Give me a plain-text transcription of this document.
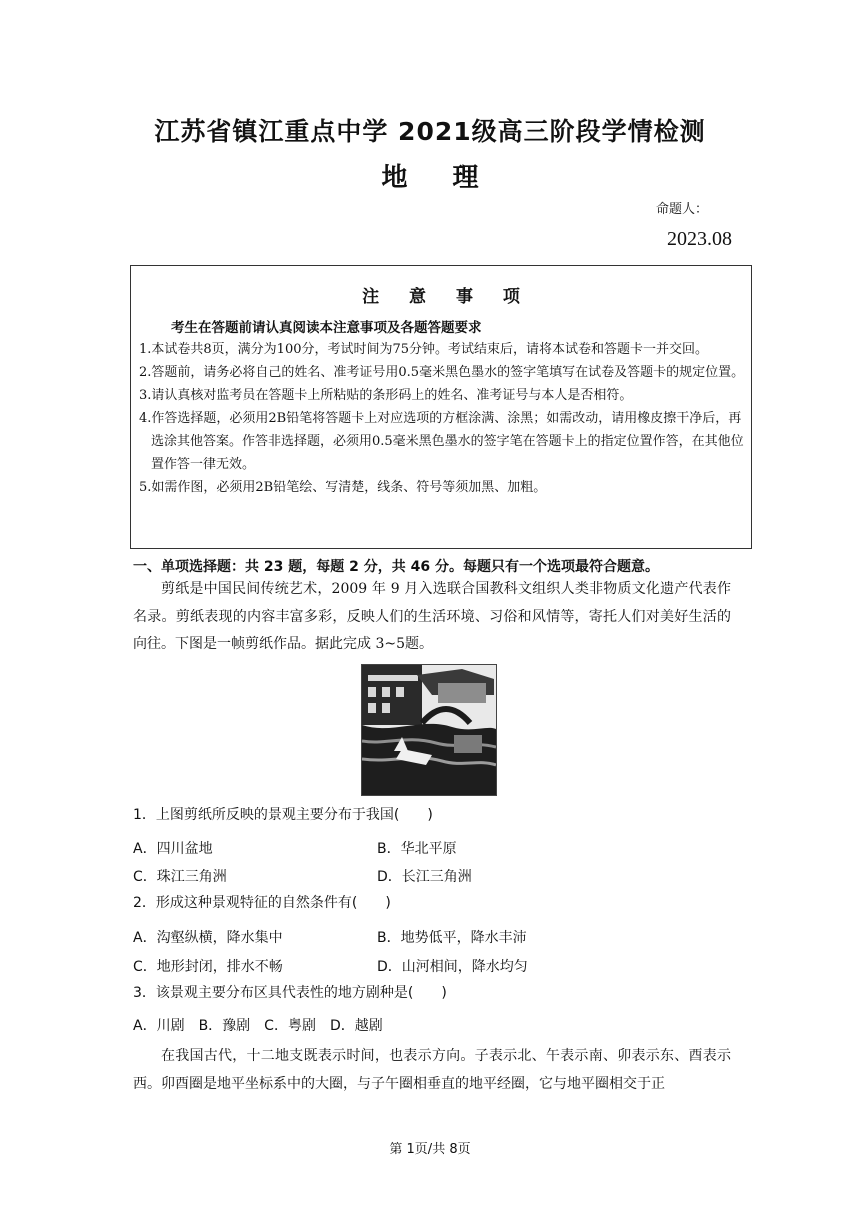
江苏省镇江重点中学 2021级高三阶段学情检测
地 理
命题人：
2023.08
注 意 事 项
考生在答题前请认真阅读本注意事项及各题答题要求
1.本试卷共8页，满分为100分，考试时间为75分钟。考试结束后，请将本试卷和答题卡一并交回。
2.答题前，请务必将自己的姓名、准考证号用0.5毫米黑色墨水的签字笔填写在试卷及答题卡的规定位置。
3.请认真核对监考员在答题卡上所粘贴的条形码上的姓名、准考证号与本人是否相符。
4.作答选择题，必须用2B铅笔将答题卡上对应选项的方框涂满、涂黑；如需改动，请用橡皮擦干净后，再选涂其他答案。作答非选择题，必须用0.5毫米黑色墨水的签字笔在答题卡上的指定位置作答，在其他位置作答一律无效。
5.如需作图，必须用2B铅笔绘、写清楚，线条、符号等须加黑、加粗。
一、单项选择题：共 23 题，每题 2 分，共 46 分。每题只有一个选项最符合题意。
剪纸是中国民间传统艺术，2009 年 9 月入选联合国教科文组织人类非物质文化遗产代表作名录。剪纸表现的内容丰富多彩，反映人们的生活环境、习俗和风情等，寄托人们对美好生活的向往。下图是一帧剪纸作品。据此完成 3~5题。
1．上图剪纸所反映的景观主要分布于我国(　　)
A．四川盆地	B．华北平原
C．珠江三角洲	D．长江三角洲
2．形成这种景观特征的自然条件有(　　)
A．沟壑纵横，降水集中	B．地势低平，降水丰沛
C．地形封闭，排水不畅	D．山河相间，降水均匀
3．该景观主要分布区具代表性的地方剧种是(　　)
A．川剧　B．豫剧　C．粤剧　D．越剧
在我国古代，十二地支既表示时间，也表示方向。子表示北、午表示南、卯表示东、酉表示西。卯酉圈是地平坐标系中的大圈，与子午圈相垂直的地平经圈，它与地平圈相交于正
第 1页/共 8页
